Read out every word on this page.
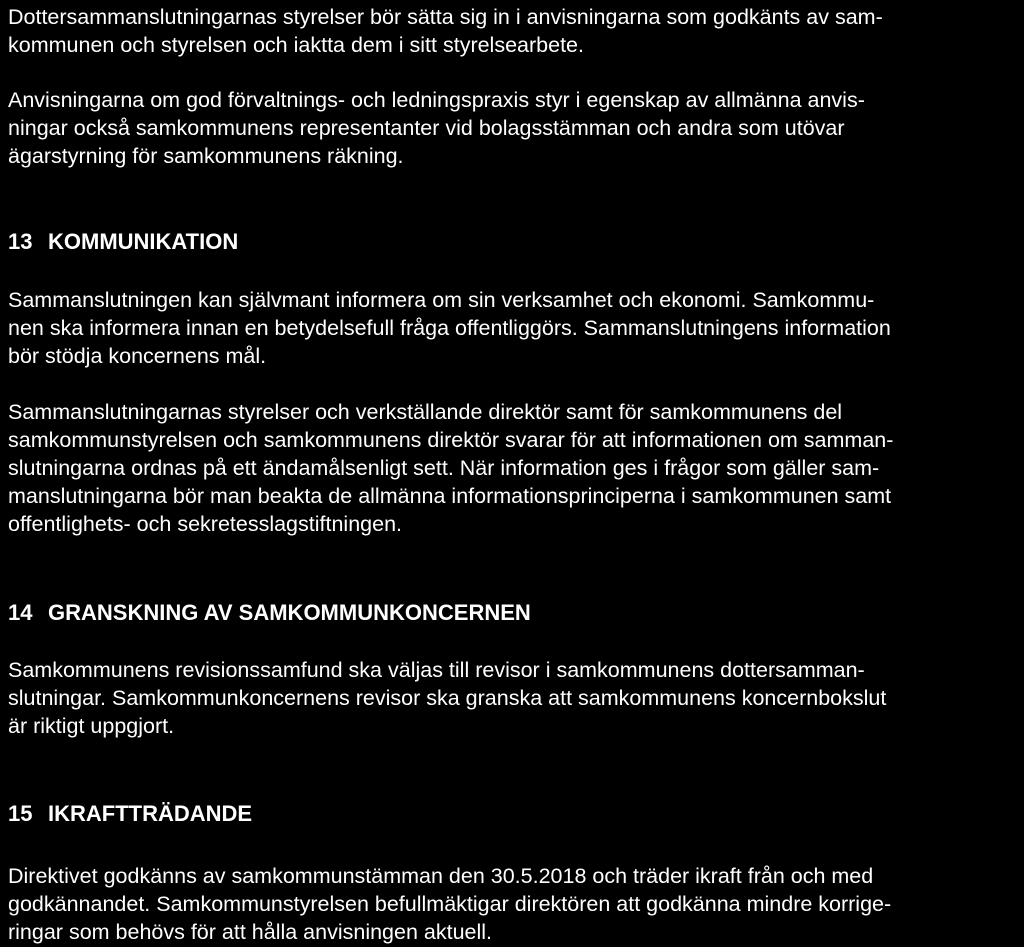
Dottersammanslutningarnas styrelser bör sätta sig in i anvisningarna som godkänts av sam-
kommunen och styrelsen och iaktta dem i sitt styrelsearbete.
Anvisningarna om god förvaltnings- och ledningspraxis styr i egenskap av allmänna anvis-
ningar också samkommunens representanter vid bolagsstämman och andra som utövar
ägarstyrning för samkommunens räkning.
13 KOMMUNIKATION
Sammanslutningen kan självmant informera om sin verksamhet och ekonomi. Samkommu-
nen ska informera innan en betydelsefull fråga offentliggörs. Sammanslutningens information
bör stödja koncernens mål.
Sammanslutningarnas styrelser och verkställande direktör samt för samkommunens del
samkommunstyrelsen och samkommunens direktör svarar för att informationen om samman-
slutningarna ordnas på ett ändamålsenligt sett. När information ges i frågor som gäller sam-
manslutningarna bör man beakta de allmänna informationsprinciperna i samkommunen samt
offentlighets- och sekretesslagstiftningen.
14 GRANSKNING AV SAMKOMMUNKONCERNEN
Samkommunens revisionssamfund ska väljas till revisor i samkommunens dottersamman-
slutningar. Samkommunkoncernens revisor ska granska att samkommunens koncernbokslut
är riktigt uppgjort.
15 IKRAFTTRÄDANDE
Direktivet godkänns av samkommunstämman den 30.5.2018 och träder ikraft från och med
godkännandet. Samkommunstyrelsen befullmäktigar direktören att godkänna mindre korrige-
ringar som behövs för att hålla anvisningen aktuell.
